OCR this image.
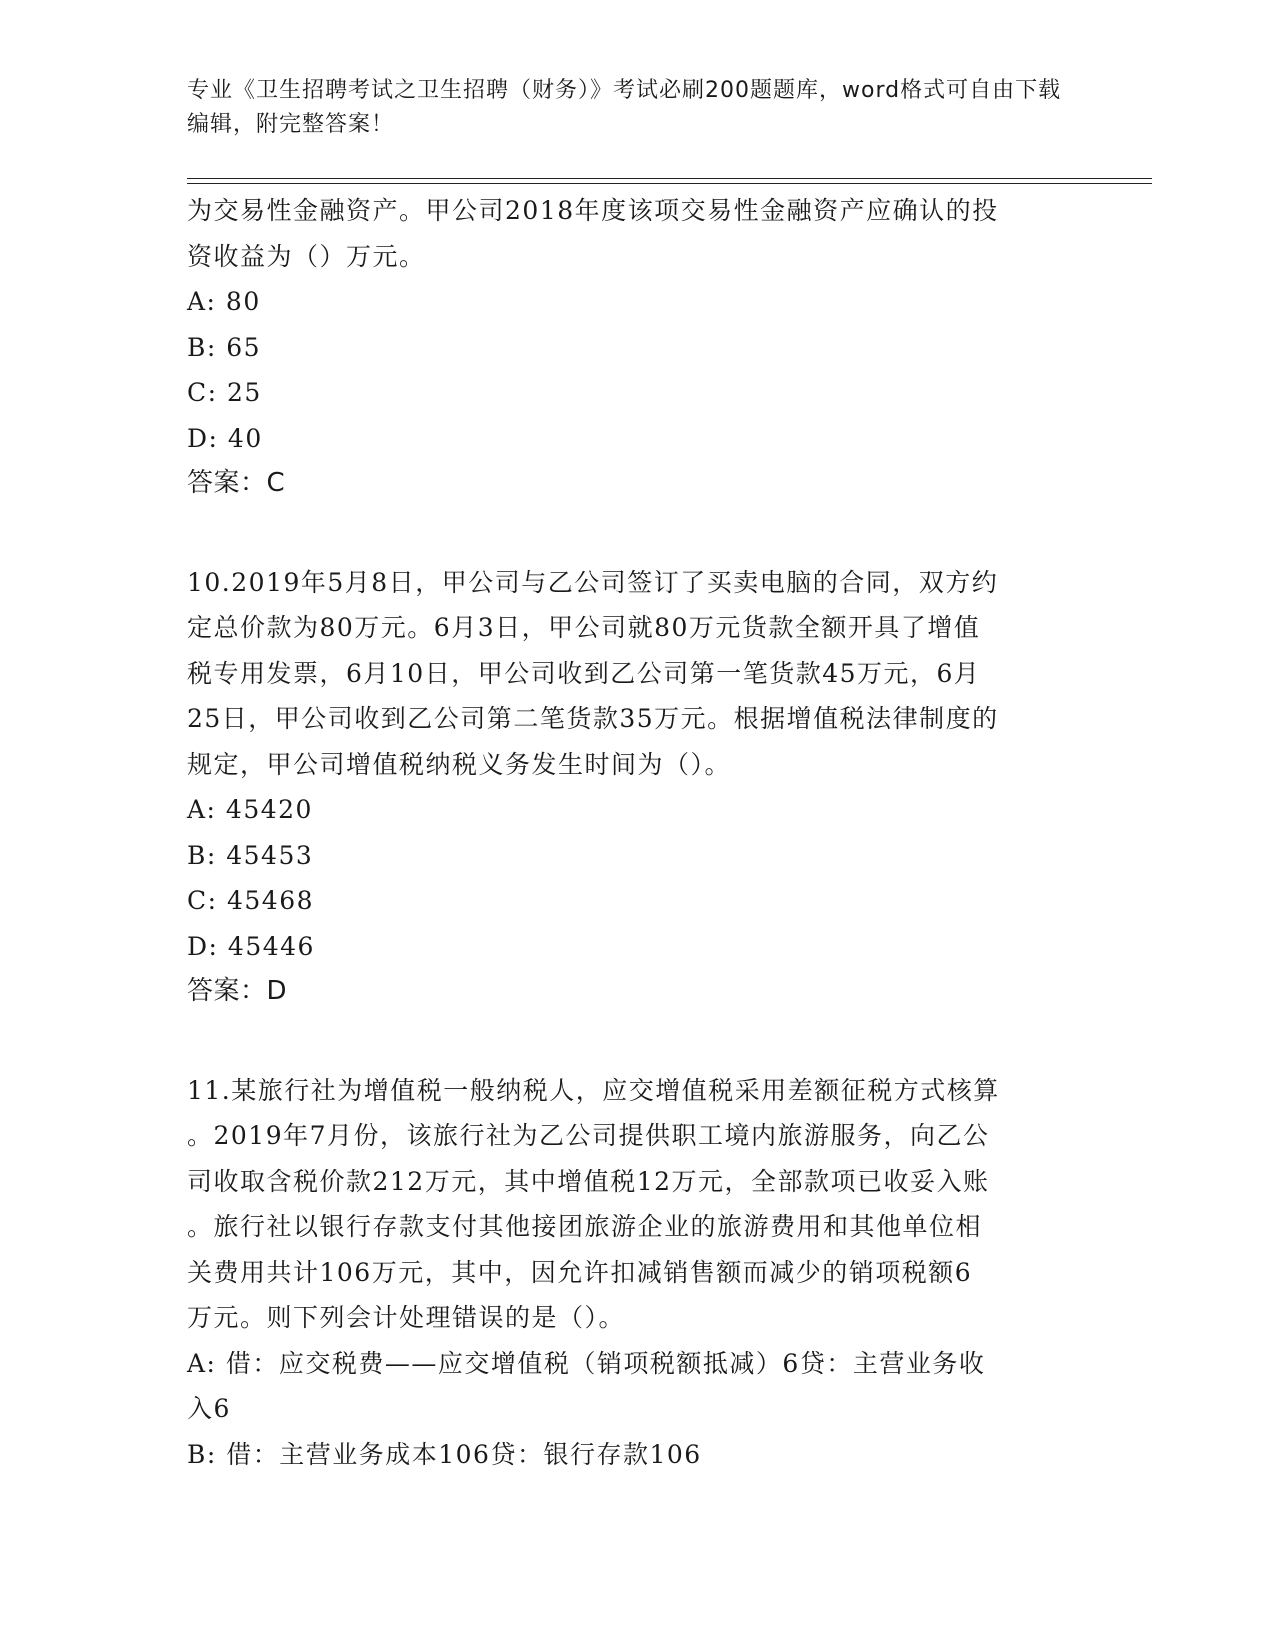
专业《卫生招聘考试之卫生招聘（财务）》考试必刷200题题库，word格式可自由下载编辑，附完整答案！

为交易性金融资产。甲公司2018年度该项交易性金融资产应确认的投

资收益为（）万元。

A: 80

B: 65

C: 25

D: 40

答案：C

10.2019年5月8日，甲公司与乙公司签订了买卖电脑的合同，双方约

定总价款为80万元。6月3日，甲公司就80万元货款全额开具了增值

税专用发票，6月10日，甲公司收到乙公司第一笔货款45万元，6月

25日，甲公司收到乙公司第二笔货款35万元。根据增值税法律制度的

规定，甲公司增值税纳税义务发生时间为（）。

A: 45420

B: 45453

C: 45468

D: 45446

答案：D

11.某旅行社为增值税一般纳税人，应交增值税采用差额征税方式核算

。2019年7月份，该旅行社为乙公司提供职工境内旅游服务，向乙公

司收取含税价款212万元，其中增值税12万元，全部款项已收妥入账

。旅行社以银行存款支付其他接团旅游企业的旅游费用和其他单位相

关费用共计106万元，其中，因允许扣减销售额而减少的销项税额6

万元。则下列会计处理错误的是（）。

A: 借：应交税费——应交增值税（销项税额抵减）6贷：主营业务收

入6

B: 借：主营业务成本106贷：银行存款106
